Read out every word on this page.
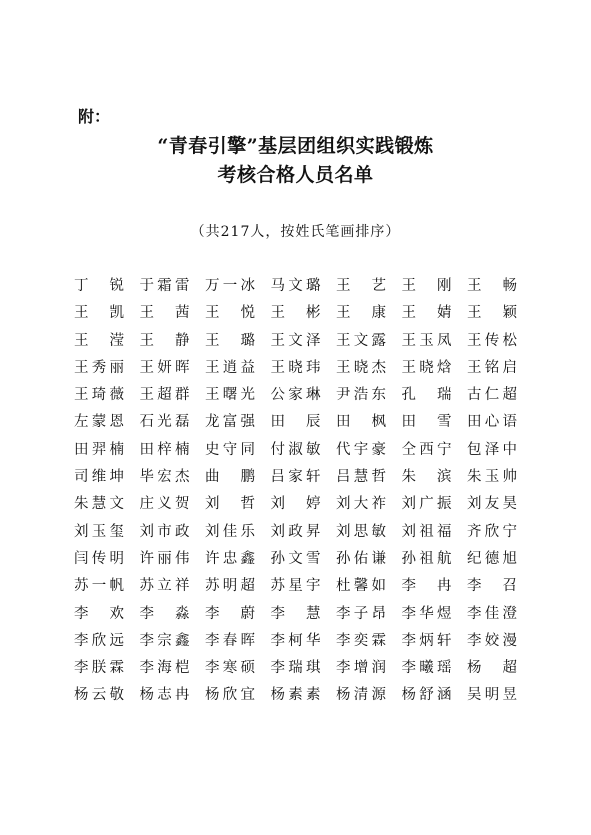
附：
“青春引擎”基层团组织实践锻炼
考核合格人员名单
（共217人，按姓氏笔画排序）
丁 锐 于霜雷 万一冰 马文璐 王 艺 王 刚 王 畅
王 凯 王 茜 王 悦 王 彬 王 康 王 婧 王 颖
王 滢 王 静 王 璐 王文泽 王文露 王玉凤 王传松
王秀丽 王妍晖 王逍益 王晓玮 王晓杰 王晓焓 王铭启
王琦薇 王超群 王曙光 公家琳 尹浩东 孔 瑞 古仁超
左蒙恩 石光磊 龙富强 田 辰 田 枫 田 雪 田心语
田羿楠 田梓楠 史守同 付淑敏 代宇豪 仝西宁 包泽中
司维坤 毕宏杰 曲 鹏 吕家轩 吕慧哲 朱 滨 朱玉帅
朱慧文 庄义贺 刘 哲 刘 婷 刘大祚 刘广振 刘友昊
刘玉玺 刘市政 刘佳乐 刘政昇 刘思敏 刘祖福 齐欣宁
闫传明 许丽伟 许忠鑫 孙文雪 孙佑谦 孙祖航 纪德旭
苏一帆 苏立祥 苏明超 苏星宇 杜馨如 李 冉 李 召
李 欢 李 淼 李 蔚 李 慧 李子昂 李华煜 李佳澄
李欣远 李宗鑫 李春晖 李柯华 李奕霖 李炳轩 李姣漫
李朕霖 李海桤 李寒硕 李瑞琪 李增润 李曦瑶 杨 超
杨云敬 杨志冉 杨欣宜 杨素素 杨清源 杨舒涵 吴明昱
